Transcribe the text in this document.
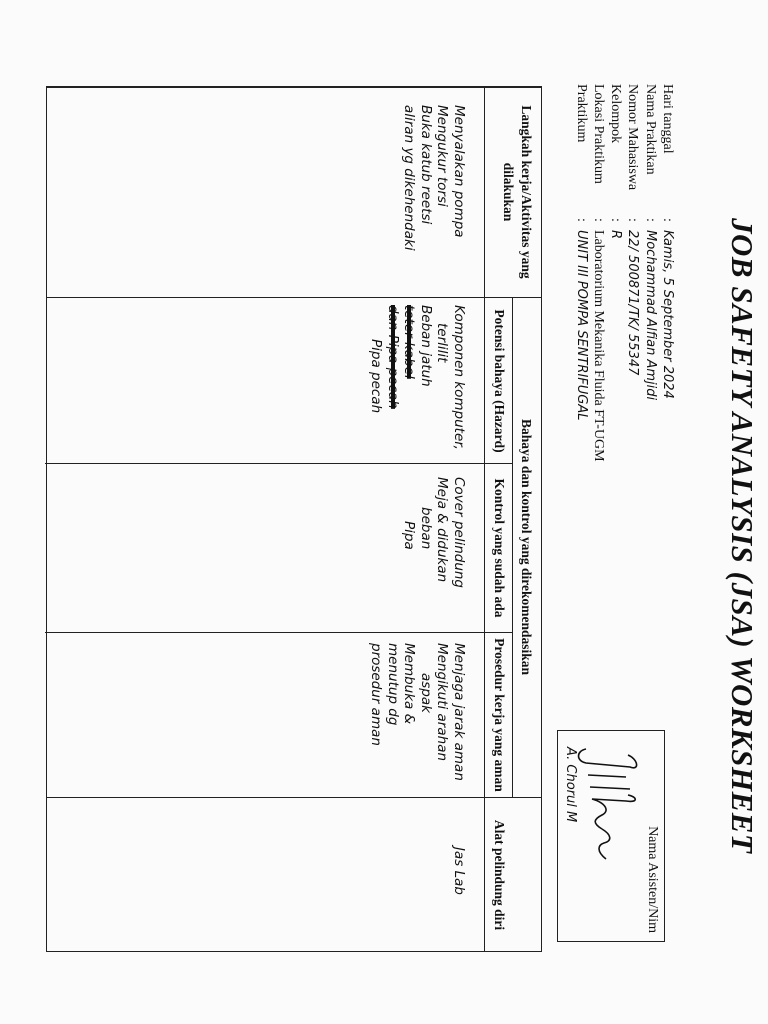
JOB SAFETY ANALYSIS (JSA) WORKSHEET
Hari tanggal
:
Kamis, 5 September 2024
Nama Praktikan
:
Mochammad Alfian Amjidi
Nomor Mahasiswa
:
22/ 500871/TK/ 55347
Kelompok
:
R
Lokasi Praktikum
:
Laboratorium Mekanika Fluida FT-UGM
Praktikum
:
UNIT III POMPA SENTRIFUGAL
Nama Asisten/Nim
A. Chorul M
Langkah kerja/Aktivitas yang dilakukan
Bahaya dan kontrol yang direkomendasikan
Potensi bahaya (Hazard)
Kontrol yang sudah ada
Prosedur kerja yang aman
Alat pelindung diri
Menyalakan pompa
Mengukur torsi
Buka katub reetsi
aliran yg dikehendaki
Komponen komputer,
terlilit
Beban jatuh
teter kabel
dan Pipa pecah
Pipa pecah
Cover pelindung
Meja & didukan
beban
Pipa
Menjaga jarak aman
Mengikuti arahan
aspak
Membuka &
menutup dg
prosedur aman
Jas Lab
